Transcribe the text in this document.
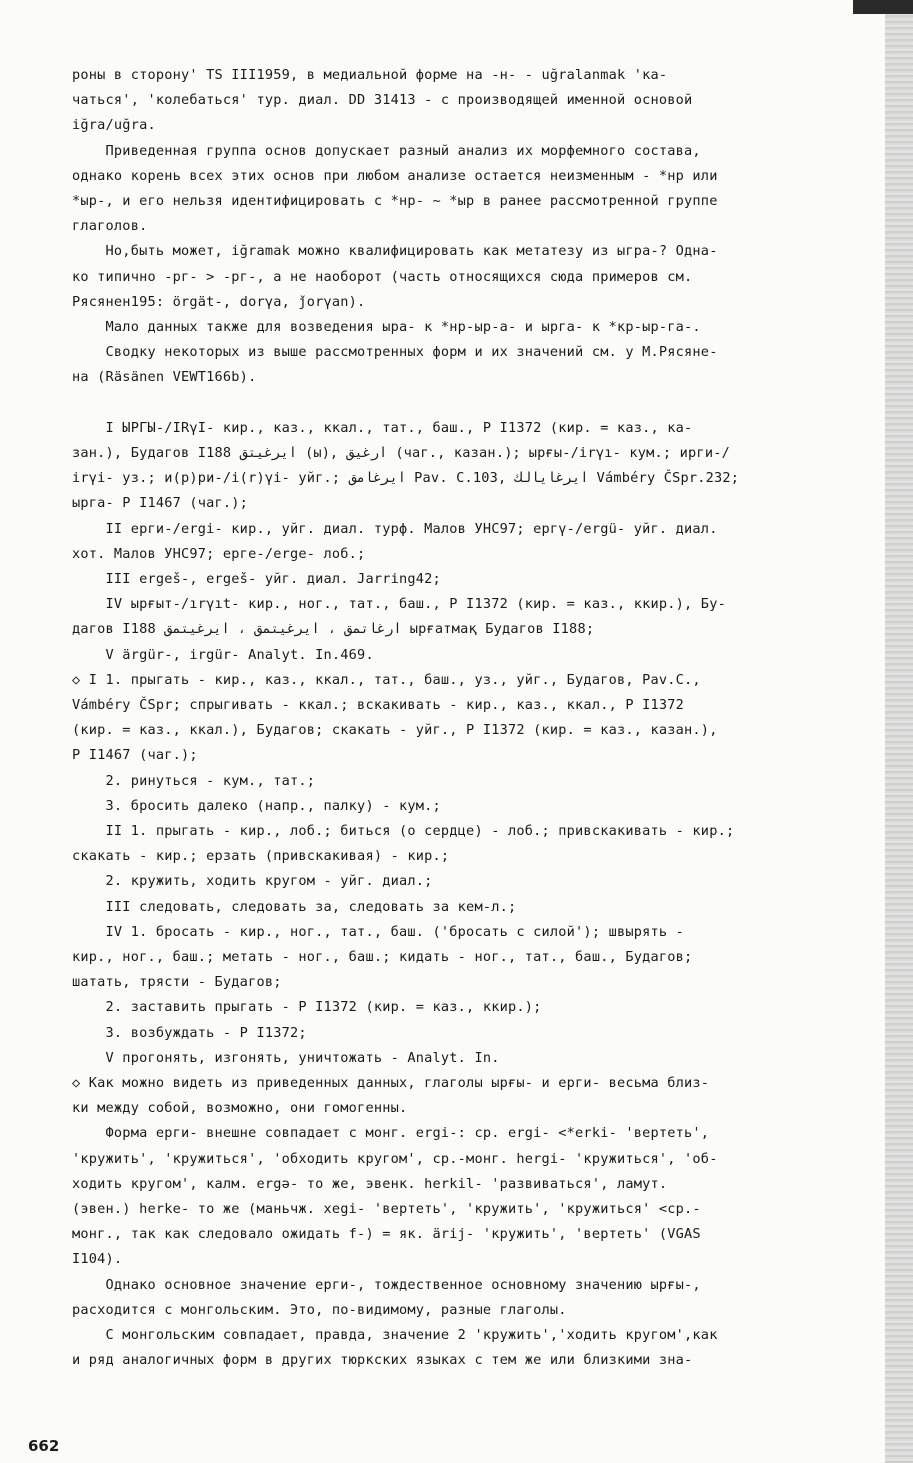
роны в сторону' TS III1959, в медиальной форме на -н- - uğralanmak 'ка-
чаться', 'колебаться' тур. диал. DD 31413 - с производящей именной основой
iğra/uğra.
Приведенная группа основ допускает разный анализ их морфемного состава,
однако корень всех этих основ при любом анализе остается неизменным - *нр или
*ыр-, и его нельзя идентифицировать с *нр- ~ *ыр в ранее рассмотренной группе
глаголов.
Но,быть может, iğramak можно квалифицировать как метатезу из ыгра-? Одна-
ко типично -рг- > -рг-, а не наоборот (часть относящихся сюда примеров см.
Рясянен195: örgät-, dorγa, ǰorγan).
Мало данных также для возведения ыра- к *нр-ыр-а- и ырга- к *кр-ыр-га-.
Сводку некоторых из выше рассмотренных форм и их значений см. у М.Рясяне-
на (Räsänen VEWT166b).
I ЫРГЫ-/IRγI- кир., каз., ккал., тат., баш., Р I1372 (кир. = каз., ка-
зан.), Будагов I188 ايرغيتق (ы), ارغيق (чаг., казан.); ырғы-/irγı- кум.; ирги-/
irγi- уз.; и(р)ри-/i(r)γi- уйг.; ايرغامق Pav. C.103, ايرغايالك Vámbéry ČSpr.232;
ырга- Р I1467 (чаг.);
II ерги-/ergi- кир., уйг. диал. турф. Малов УНС97; ергү-/ergü- уйг. диал.
хот. Малов УНС97; ерге-/erge- лоб.;
III ergeš-, ergeš- уйг. диал. Jarring42;
IV ырғыт-/ırγıt- кир., ног., тат., баш., Р I1372 (кир. = каз., ккир.), Бу-
дагов I188 ارغاتمق ، ايرغيتمق ، ايرغيتمق ырғатмақ Будагов I188;
V ärgür-, irgür- Analyt. In.469.
◇ I 1. прыгать - кир., каз., ккал., тат., баш., уз., уйг., Будагов, Pav.C.,
Vámbéry ČSpr; спрыгивать - ккал.; вскакивать - кир., каз., ккал., Р I1372
(кир. = каз., ккал.), Будагов; скакать - уйг., Р I1372 (кир. = каз., казан.),
Р I1467 (чаг.);
2. ринуться - кум., тат.;
3. бросить далеко (напр., палку) - кум.;
II 1. прыгать - кир., лоб.; биться (о сердце) - лоб.; привскакивать - кир.;
скакать - кир.; ерзать (привскакивая) - кир.;
2. кружить, ходить кругом - уйг. диал.;
III следовать, следовать за, следовать за кем-л.;
IV 1. бросать - кир., ног., тат., баш. ('бросать с силой'); швырять -
кир., ног., баш.; метать - ног., баш.; кидать - ног., тат., баш., Будагов;
шатать, трясти - Будагов;
2. заставить прыгать - Р I1372 (кир. = каз., ккир.);
3. возбуждать - Р I1372;
V прогонять, изгонять, уничтожать - Analyt. In.
◇ Как можно видеть из приведенных данных, глаголы ырғы- и ерги- весьма близ-
ки между собой, возможно, они гомогенны.
Форма ерги- внешне совпадает с монг. ergi-: ср. ergi- <*erki- 'вертеть',
'кружить', 'кружиться', 'обходить кругом', ср.-монг. hergi- 'кружиться', 'об-
ходить кругом', калм. ergə- то же, эвенк. herkil- 'развиваться', ламут.
(эвен.) herke- то же (маньчж. xegi- 'вертеть', 'кружить', 'кружиться' <ср.-
монг., так как следовало ожидать f-) = як. ärij- 'кружить', 'вертеть' (VGAS
I104).
Однако основное значение ерги-, тождественное основному значению ырғы-,
расходится с монгольским. Это, по-видимому, разные глаголы.
С монгольским совпадает, правда, значение 2 'кружить','ходить кругом',как
и ряд аналогичных форм в других тюркских языках с тем же или близкими зна-
662
